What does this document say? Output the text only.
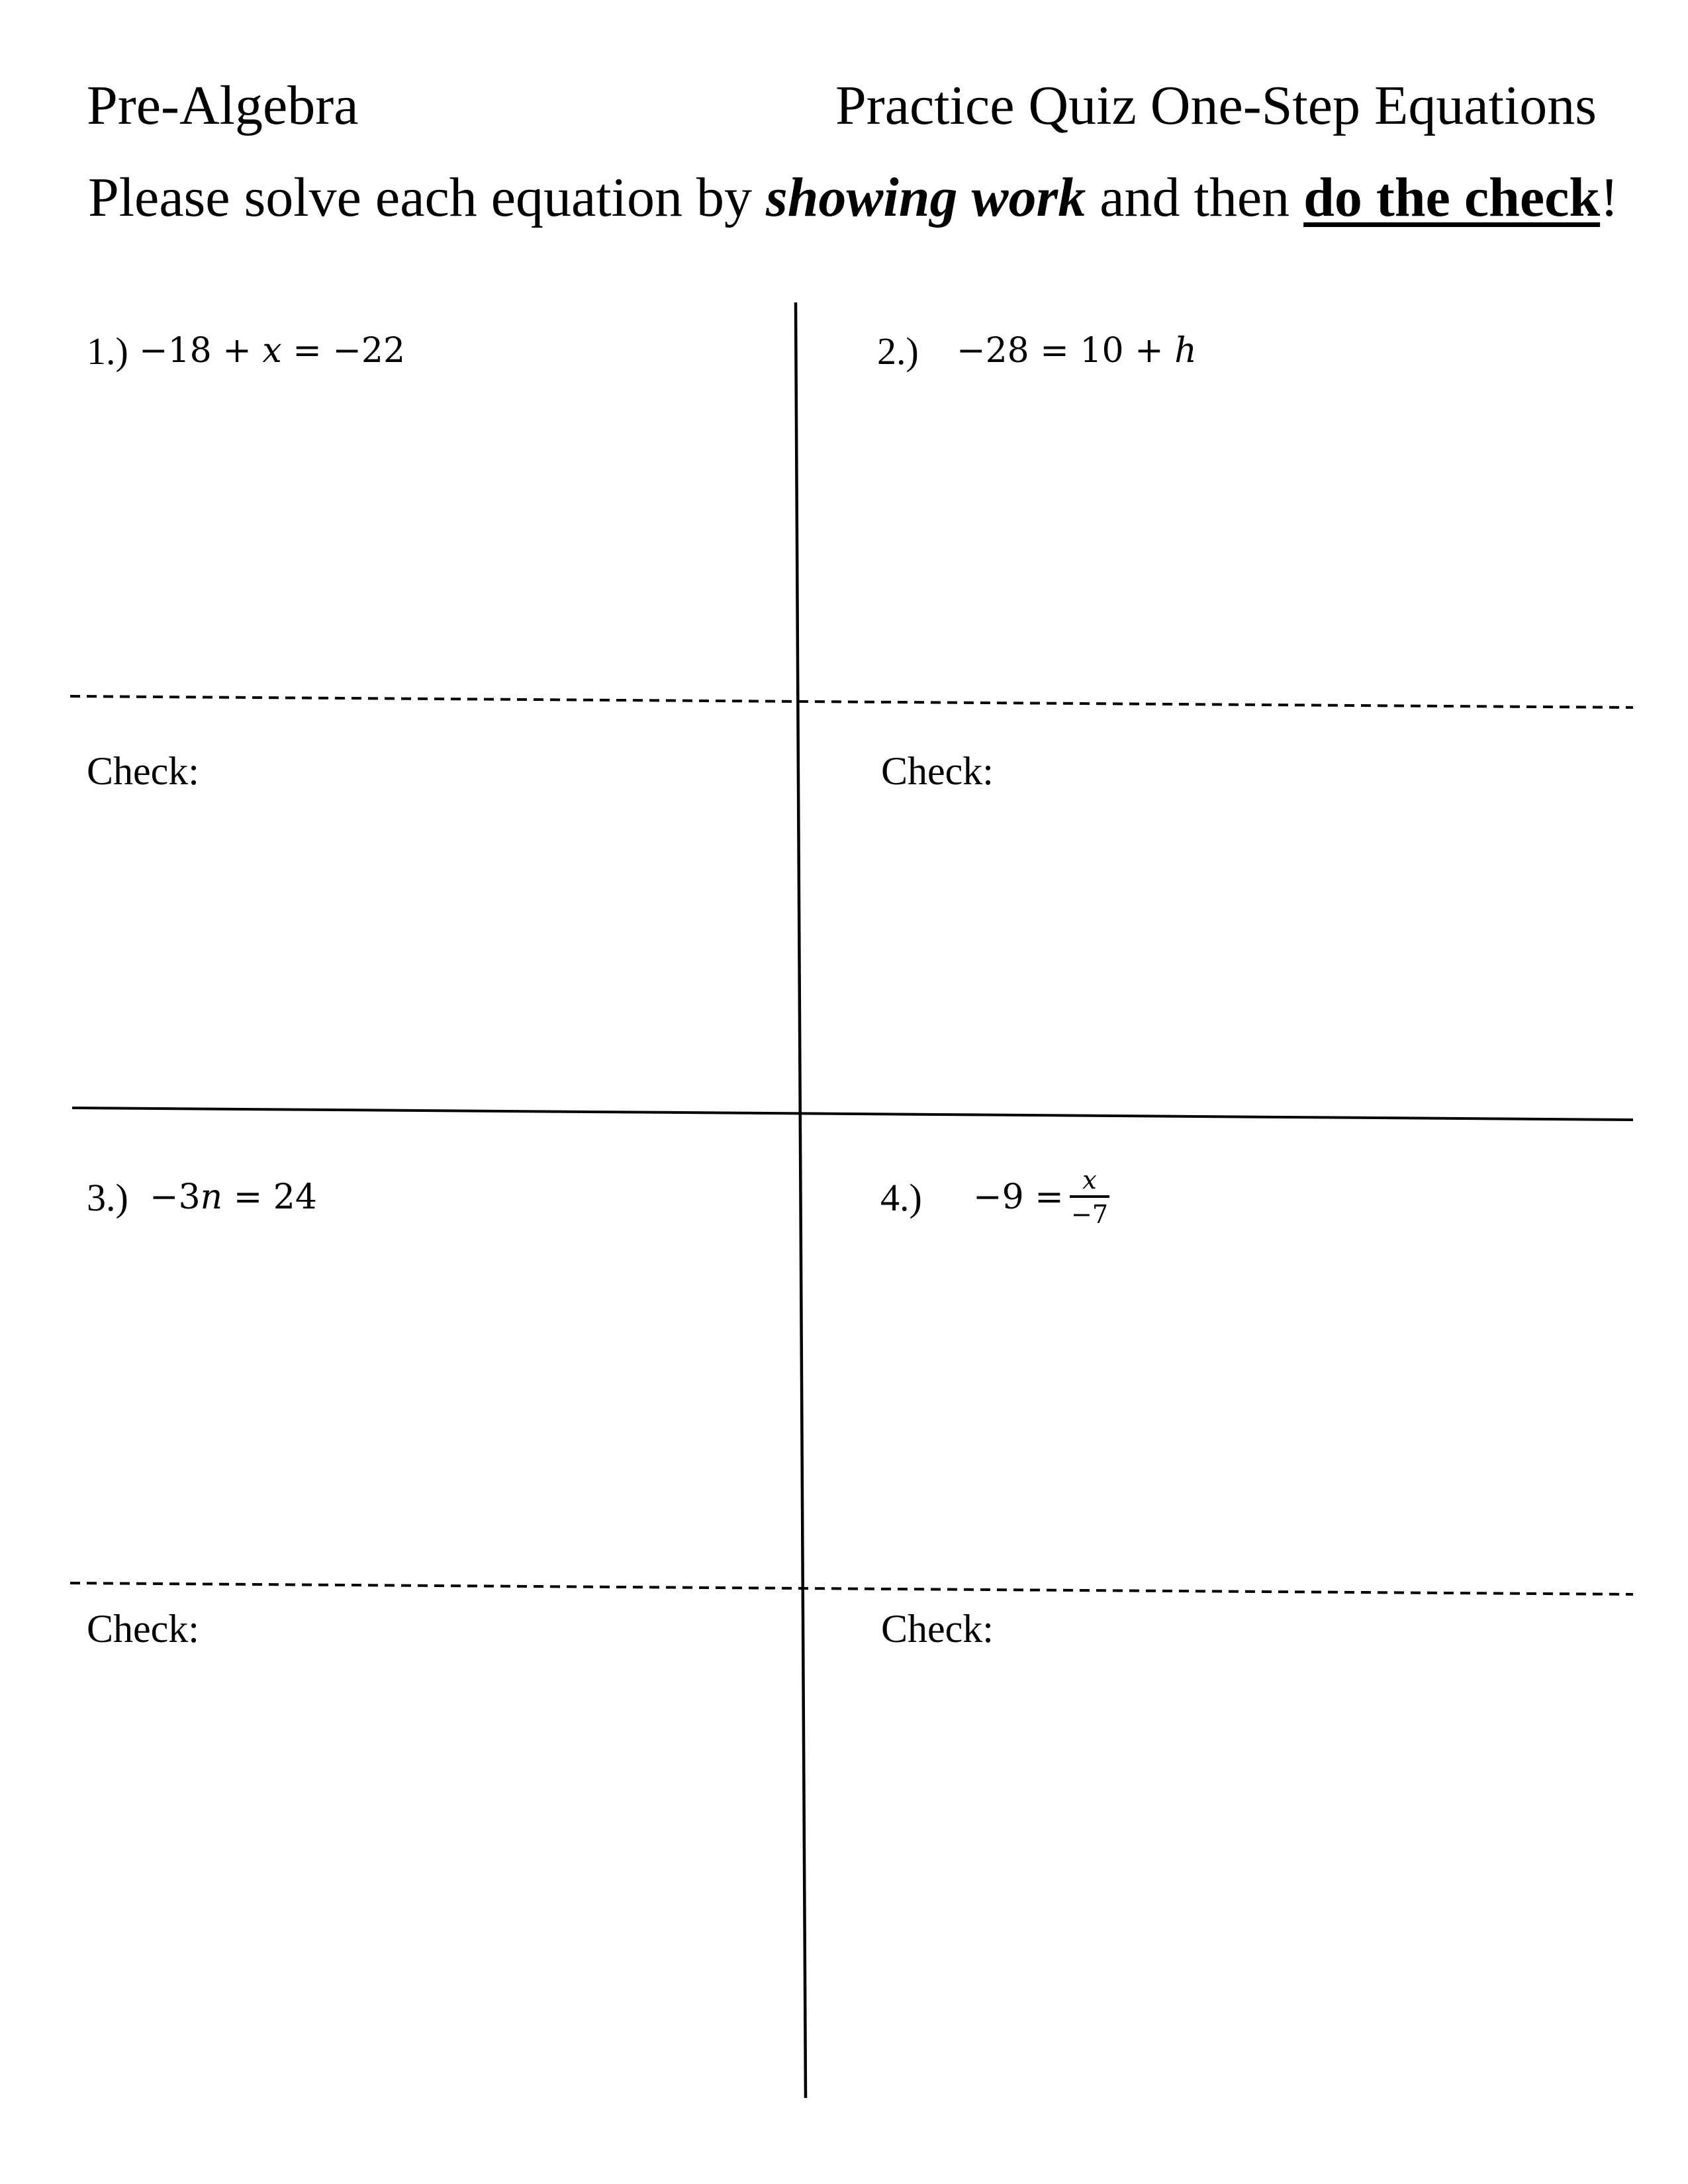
Pre-Algebra	Practice Quiz One-Step Equations
Please solve each equation by showing work and then do the check!
1.) −18 + x = −22
Check:
2.) −28 = 10 + h
Check:
3.) −3n = 24
Check:
4.) −9 = x
−7
Check:
